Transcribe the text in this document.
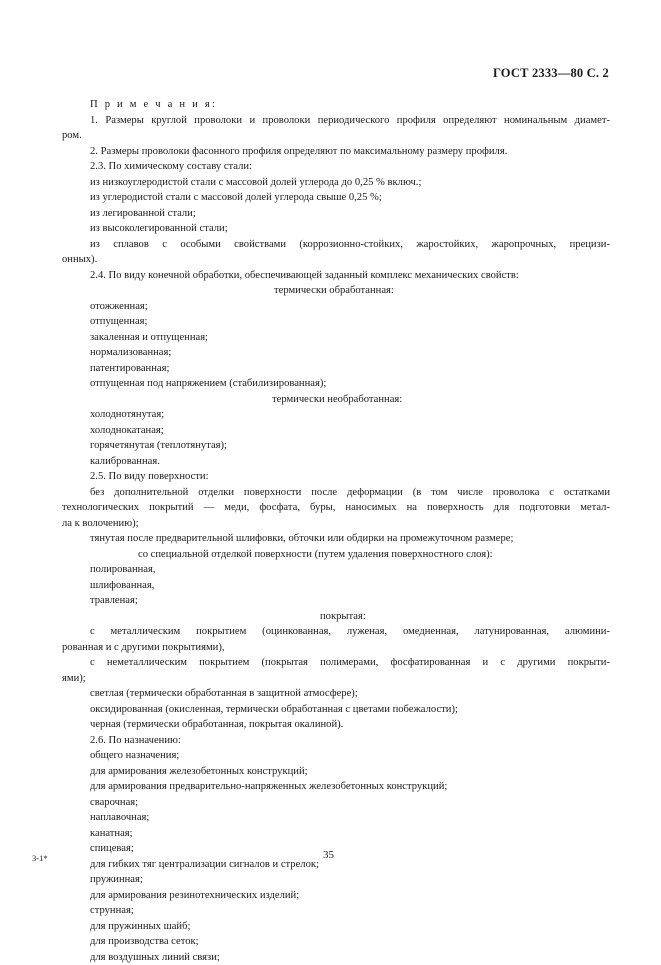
ГОСТ 2333—80 С. 2
П р и м е ч а н и я:
1. Размеры круглой проволоки и проволоки периодического профиля определяют номинальным диамет-
ром.
2. Размеры проволоки фасонного профиля определяют по максимальному размеру профиля.
2.3. По химическому составу стали:
из низкоуглеродистой стали с массовой долей углерода до 0,25 % включ.;
из углеродистой стали с массовой долей углерода свыше 0,25 %;
из легированной стали;
из высоколегированной стали;
из сплавов с особыми свойствами (коррозионно-стойких, жаростойких, жаропрочных, прецизи-
онных).
2.4. По виду конечной обработки, обеспечивающей заданный комплекс механических свойств:
термически обработанная:
отожженная;
отпущенная;
закаленная и отпущенная;
нормализованная;
патентированная;
отпущенная под напряжением (стабилизированная);
термически необработанная:
холоднотянутая;
холоднокатаная;
горячетянутая (теплотянутая);
калиброванная.
2.5. По виду поверхности:
без дополнительной отделки поверхности после деформации (в том числе проволока с остатками
технологических покрытий — меди, фосфата, буры, наносимых на поверхность для подготовки метал-
ла к волочению);
тянутая после предварительной шлифовки, обточки или обдирки на промежуточном размере;
со специальной отделкой поверхности (путем удаления поверхностного слоя):
полированная,
шлифованная,
травленая;
покрытая:
с металлическим покрытием (оцинкованная, луженая, омедненная, латунированная, алюмини-
рованная и с другими покрытиями),
с неметаллическим покрытием (покрытая полимерами, фосфатированная и с другими покрыти-
ями);
светлая (термически обработанная в защитной атмосфере);
оксидированная (окисленная, термически обработанная с цветами побежалости);
черная (термически обработанная, покрытая окалиной).
2.6. По назначению:
общего назначения;
для армирования железобетонных конструкций;
для армирования предварительно-напряженных железобетонных конструкций;
сварочная;
наплавочная;
канатная;
спицевая;
для гибких тяг централизации сигналов и стрелок;
пружинная;
для армирования резинотехнических изделий;
струнная;
для пружинных шайб;
для производства сеток;
для воздушных линий связи;
3-1*	35
